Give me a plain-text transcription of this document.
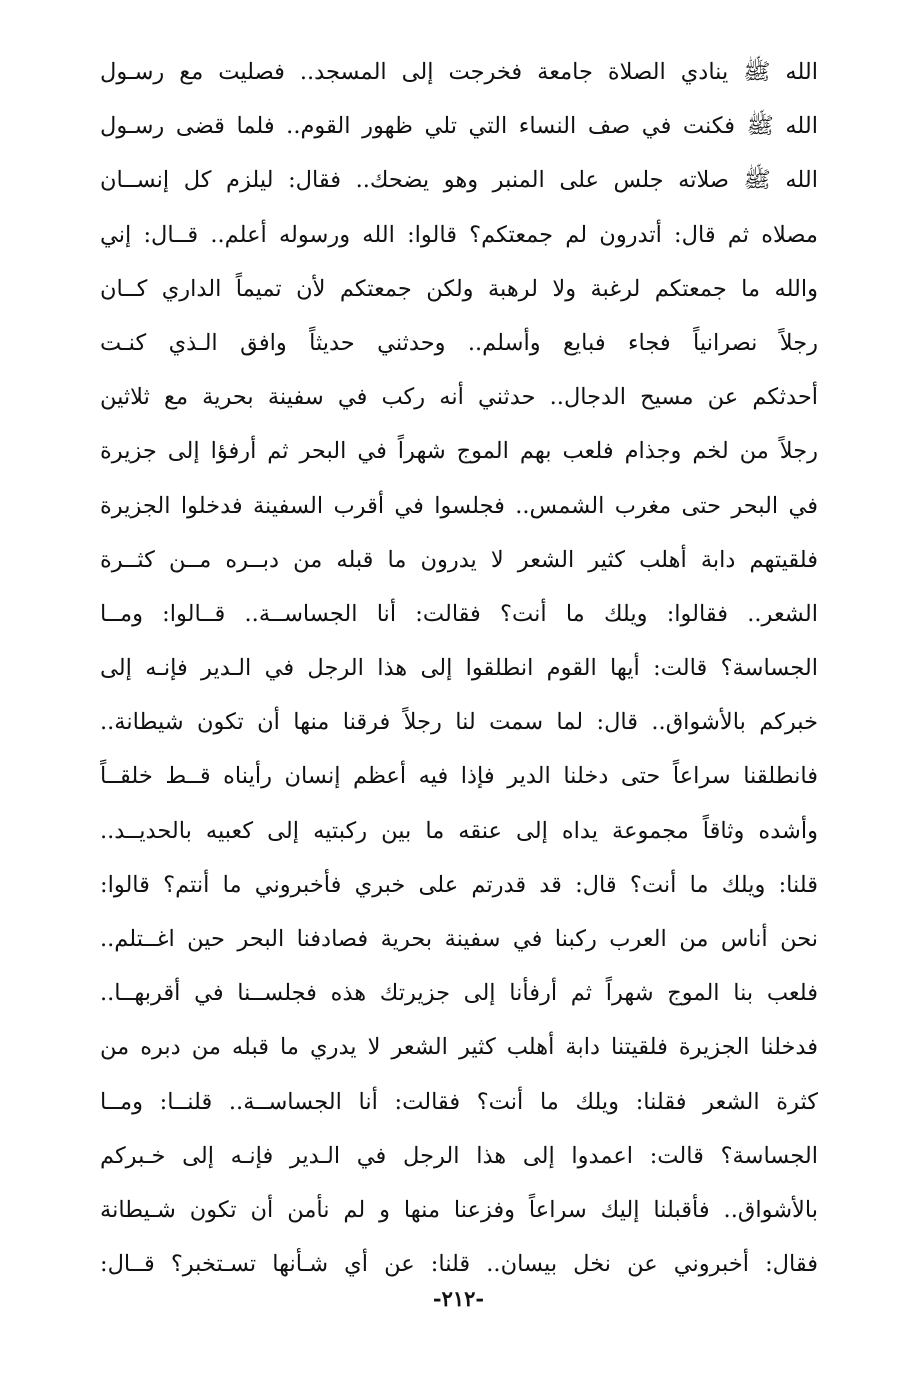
الله ﷺ ينادي الصلاة جامعة فخرجت إلى المسجد.. فصليت مع رسـول
الله ﷺ فكنت في صف النساء التي تلي ظهور القوم.. فلما قضى رسـول
الله ﷺ صلاته جلس على المنبر وهو يضحك.. فقال: ليلزم كل إنســان
مصلاه ثم قال: أتدرون لم جمعتكم؟ قالوا: الله ورسوله أعلم.. قــال: إني
والله ما جمعتكم لرغبة ولا لرهبة ولكن جمعتكم لأن تميماً الداري كــان
رجلاً نصرانياً فجاء فبايع وأسلم.. وحدثني حديثاً وافق الـذي كنـت
أحدثكم عن مسيح الدجال.. حدثني أنه ركب في سفينة بحرية مع ثلاثين
رجلاً من لخم وجذام فلعب بهم الموج شهراً في البحر ثم أرفؤا إلى جزيرة
في البحر حتى مغرب الشمس.. فجلسوا في أقرب السفينة فدخلوا الجزيرة
فلقيتهم دابة أهلب كثير الشعر لا يدرون ما قبله من دبــره مــن كثــرة
الشعر.. فقالوا: ويلك ما أنت؟ فقالت: أنا الجساســة.. قــالوا: ومــا
الجساسة؟ قالت: أيها القوم انطلقوا إلى هذا الرجل في الـدير فإنـه إلى
خبركم بالأشواق.. قال: لما سمت لنا رجلاً فرقنا منها أن تكون شيطانة..
فانطلقنا سراعاً حتى دخلنا الدير فإذا فيه أعظم إنسان رأيناه قــط خلقــاً
وأشده وثاقاً مجموعة يداه إلى عنقه ما بين ركبتيه إلى كعبيه بالحديــد..
قلنا: ويلك ما أنت؟ قال: قد قدرتم على خبري فأخبروني ما أنتم؟ قالوا:
نحن أناس من العرب ركبنا في سفينة بحرية فصادفنا البحر حين اغــتلم..
فلعب بنا الموج شهراً ثم أرفأنا إلى جزيرتك هذه فجلســنا في أقربهــا..
فدخلنا الجزيرة فلقيتنا دابة أهلب كثير الشعر لا يدري ما قبله من دبره من
كثرة الشعر فقلنا: ويلك ما أنت؟ فقالت: أنا الجساســة.. قلنــا: ومــا
الجساسة؟ قالت: اعمدوا إلى هذا الرجل في الـدير فإنـه إلى خـبركم
بالأشواق.. فأقبلنا إليك سراعاً وفزعنا منها و لم نأمن أن تكون شـيطانة
فقال: أخبروني عن نخل بيسان.. قلنا: عن أي شـأنها تسـتخبر؟ قــال:
-٢١٢-
